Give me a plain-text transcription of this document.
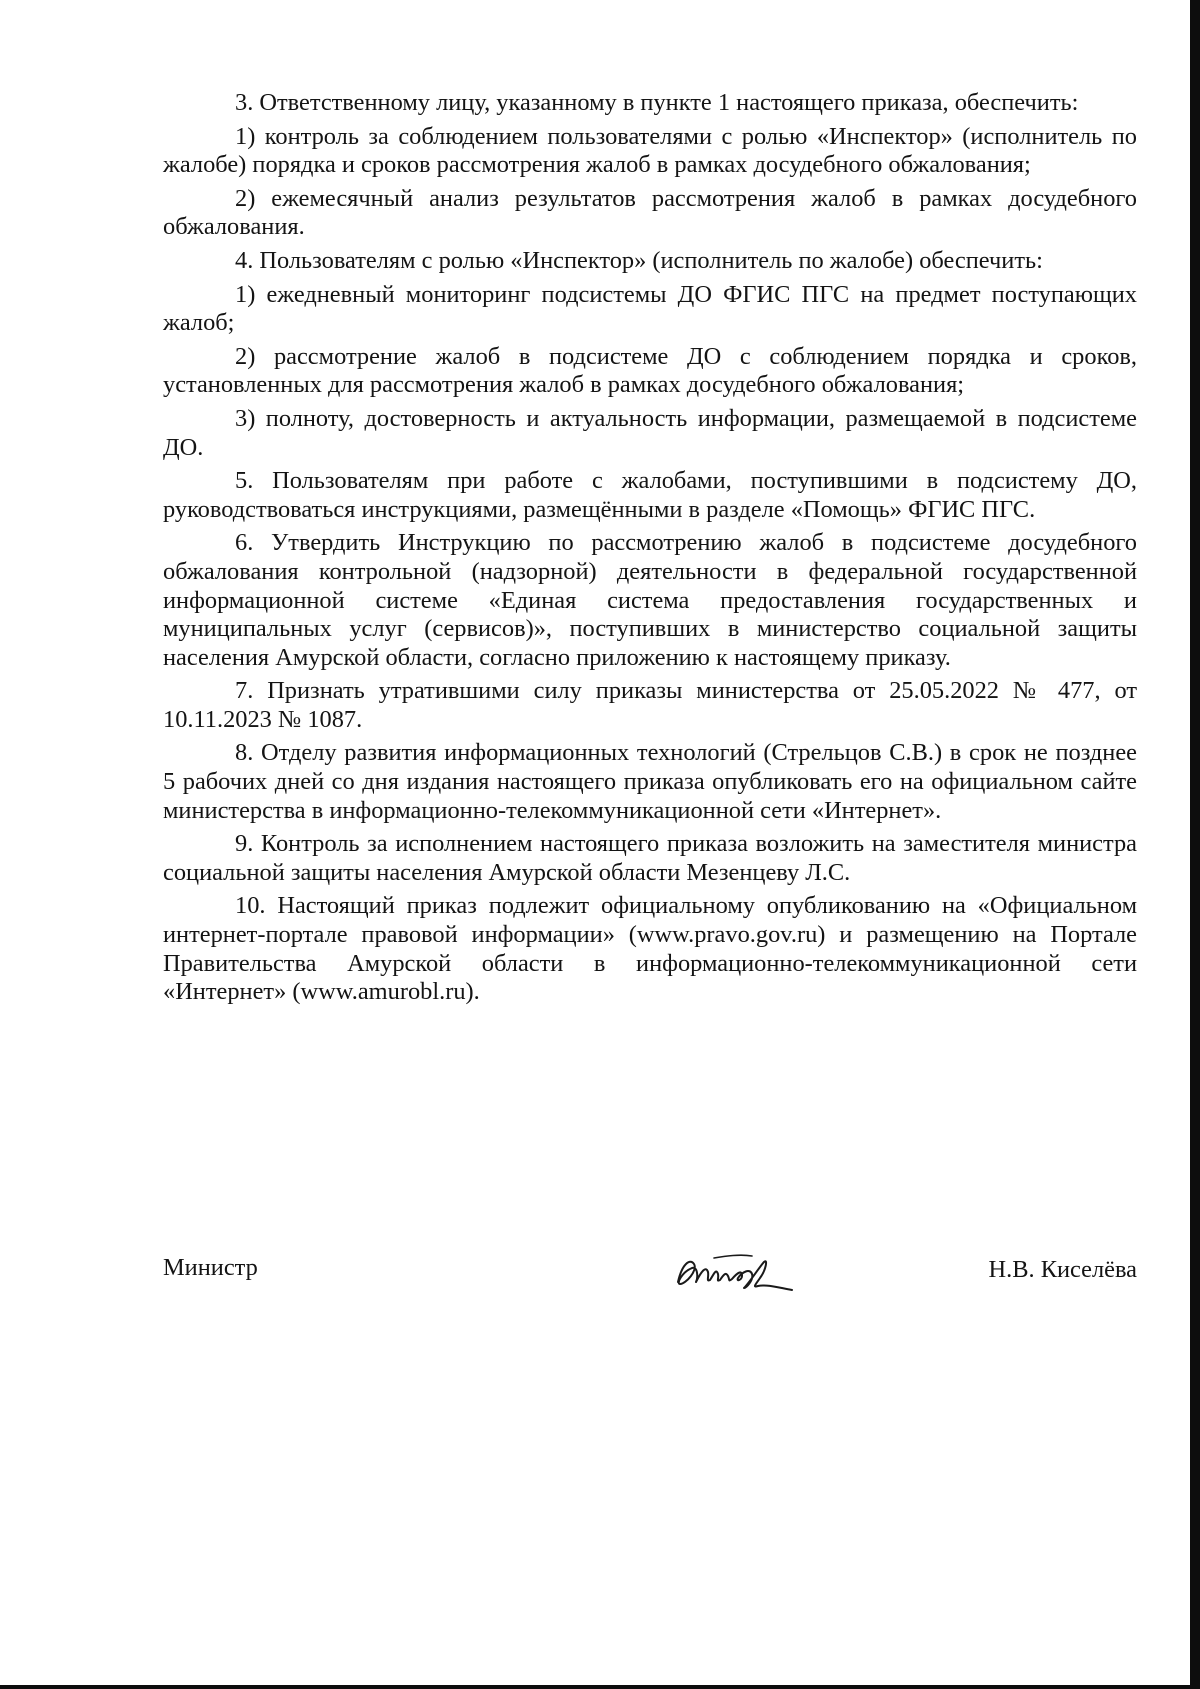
3. Ответственному лицу, указанному в пункте 1 настоящего приказа, обеспечить:

1) контроль за соблюдением пользователями с ролью «Инспектор» (исполнитель по жалобе) порядка и сроков рассмотрения жалоб в рамках досудебного обжалования;

2) ежемесячный анализ результатов рассмотрения жалоб в рамках досудебного обжалования.

4. Пользователям с ролью «Инспектор» (исполнитель по жалобе) обеспечить:

1) ежедневный мониторинг подсистемы ДО ФГИС ПГС на предмет поступающих жалоб;

2) рассмотрение жалоб в подсистеме ДО с соблюдением порядка и сроков, установленных для рассмотрения жалоб в рамках досудебного обжалования;

3) полноту, достоверность и актуальность информации, размещаемой в подсистеме ДО.

5. Пользователям при работе с жалобами, поступившими в подсистему ДО, руководствоваться инструкциями, размещёнными в разделе «Помощь» ФГИС ПГС.

6. Утвердить Инструкцию по рассмотрению жалоб в подсистеме досудебного обжалования контрольной (надзорной) деятельности в федеральной государственной информационной системе «Единая система предоставления государственных и муниципальных услуг (сервисов)», поступивших в министерство социальной защиты населения Амурской области, согласно приложению к настоящему приказу.

7. Признать утратившими силу приказы министерства от 25.05.2022 № 477, от 10.11.2023 № 1087.

8. Отделу развития информационных технологий (Стрельцов С.В.) в срок не позднее 5 рабочих дней со дня издания настоящего приказа опубликовать его на официальном сайте министерства в информационно-телекоммуникационной сети «Интернет».

9. Контроль за исполнением настоящего приказа возложить на заместителя министра социальной защиты населения Амурской области Мезенцеву Л.С.

10. Настоящий приказ подлежит официальному опубликованию на «Официальном интернет-портале правовой информации» (www.pravo.gov.ru) и размещению на Портале Правительства Амурской области в информационно-телекоммуникационной сети «Интернет» (www.amurobl.ru).

Министр	Н.В. Киселёва
